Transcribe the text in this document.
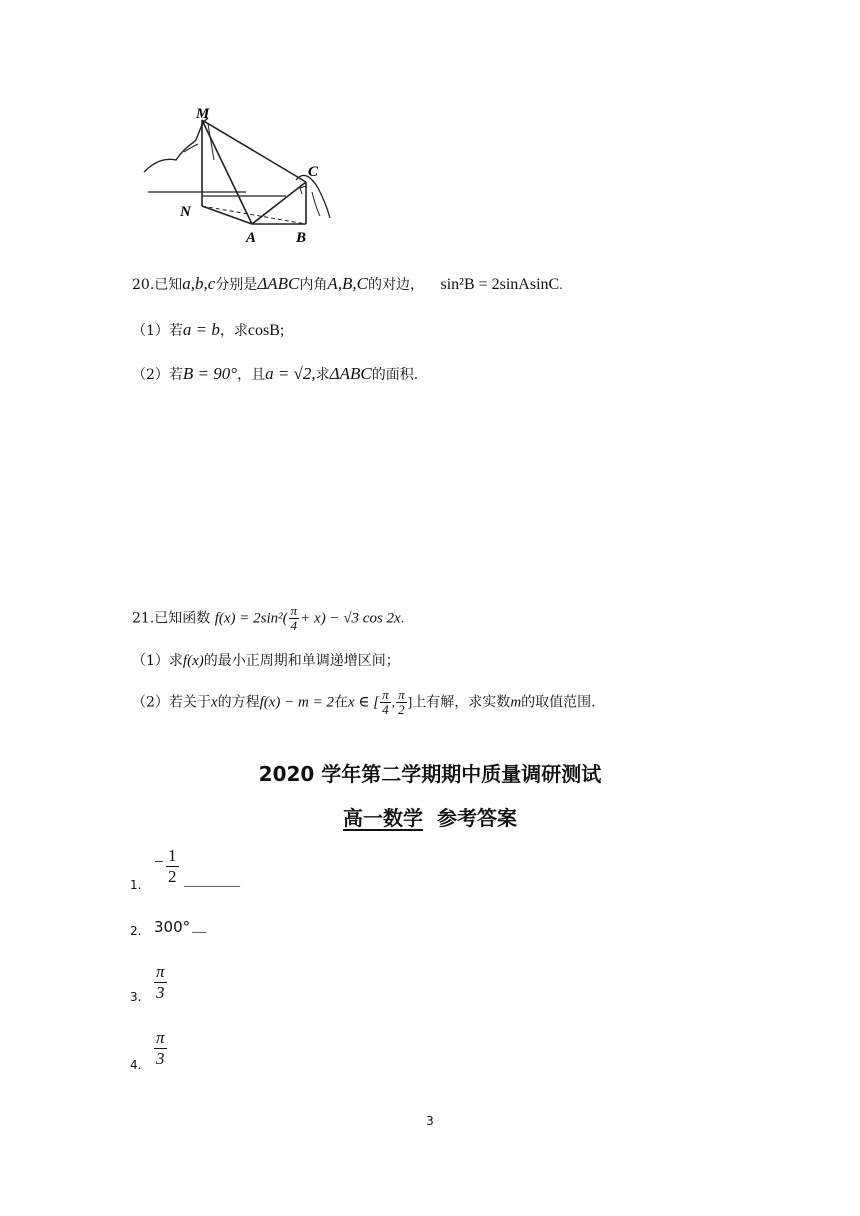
M
N
A	B
C
20.已知a,b,c分别是ΔABC内角A,B,C的对边， sin²B = 2sinAsinC.
（1）若a = b，求cosB;
（2）若B = 90°，且a = √2,求ΔABC的面积.
21.已知函数 $f(x) = 2\sin^2( \frac{\pi}{4} + x) - √3$ cos 2x.
（1）求f(x)的最小正周期和单调递增区间；
（2）若关于x的方程f(x) − m = 2在x ∈ [ $\frac{\pi}{4}$ , $\frac{\pi}{2}$ ]上有解，求实数m的取值范围.
2020 学年第二学期期中质量调研测试
高一数学 参考答案
1.
− $\frac{1}{2}$ ________
2. 300° __
3. $\frac{\pi}{3}$
4. $\frac{\pi}{3}$
3
